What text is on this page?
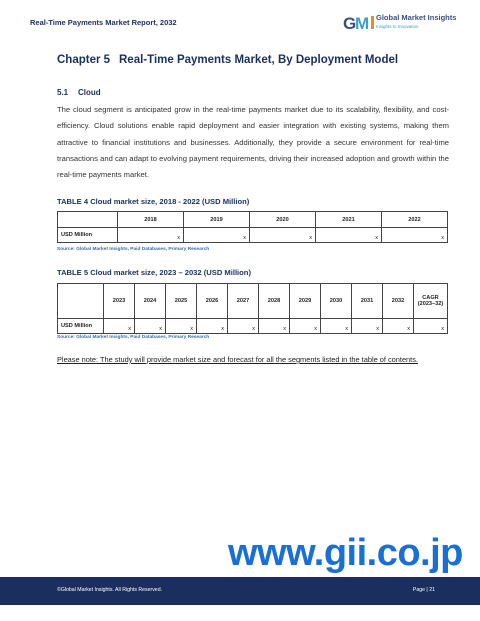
Real-Time Payments Market Report, 2032	G
M Global Market Insights
Insights to Innovation
Chapter 5 Real-Time Payments Market, By Deployment Model
5.1 Cloud
The cloud segment is anticipated grow in the real-time payments market due to its scalability, flexibility, and cost-efficiency. Cloud solutions enable rapid deployment and easier integration with existing systems, making them attractive to financial institutions and businesses. Additionally, they provide a secure environment for real-time transactions and can adapt to evolving payment requirements, driving their increased adoption and growth within the real-time payments market.
TABLE 4 Cloud market size, 2018 - 2022 (USD Million)
	2018	2019	2020	2021	2022
USD Million	x	x	x	x	x
Source: Global Market Insights, Paid Databases, Primary Research
TABLE 5 Cloud market size, 2023 – 2032 (USD Million)
	2023	2024	2025	2026	2027	2028	2029	2030	2031	2032	CAGR (2023–32)
USD Million	x	x	x	x	x	x	x	x	x	x	x
Source: Global Market Insights, Paid Databases, Primary Research
Please note: The study will provide market size and forecast for all the segments listed in the table of contents.
www.gii.co.jp
©Global Market Insights. All Rights Reserved.	Page | 21
